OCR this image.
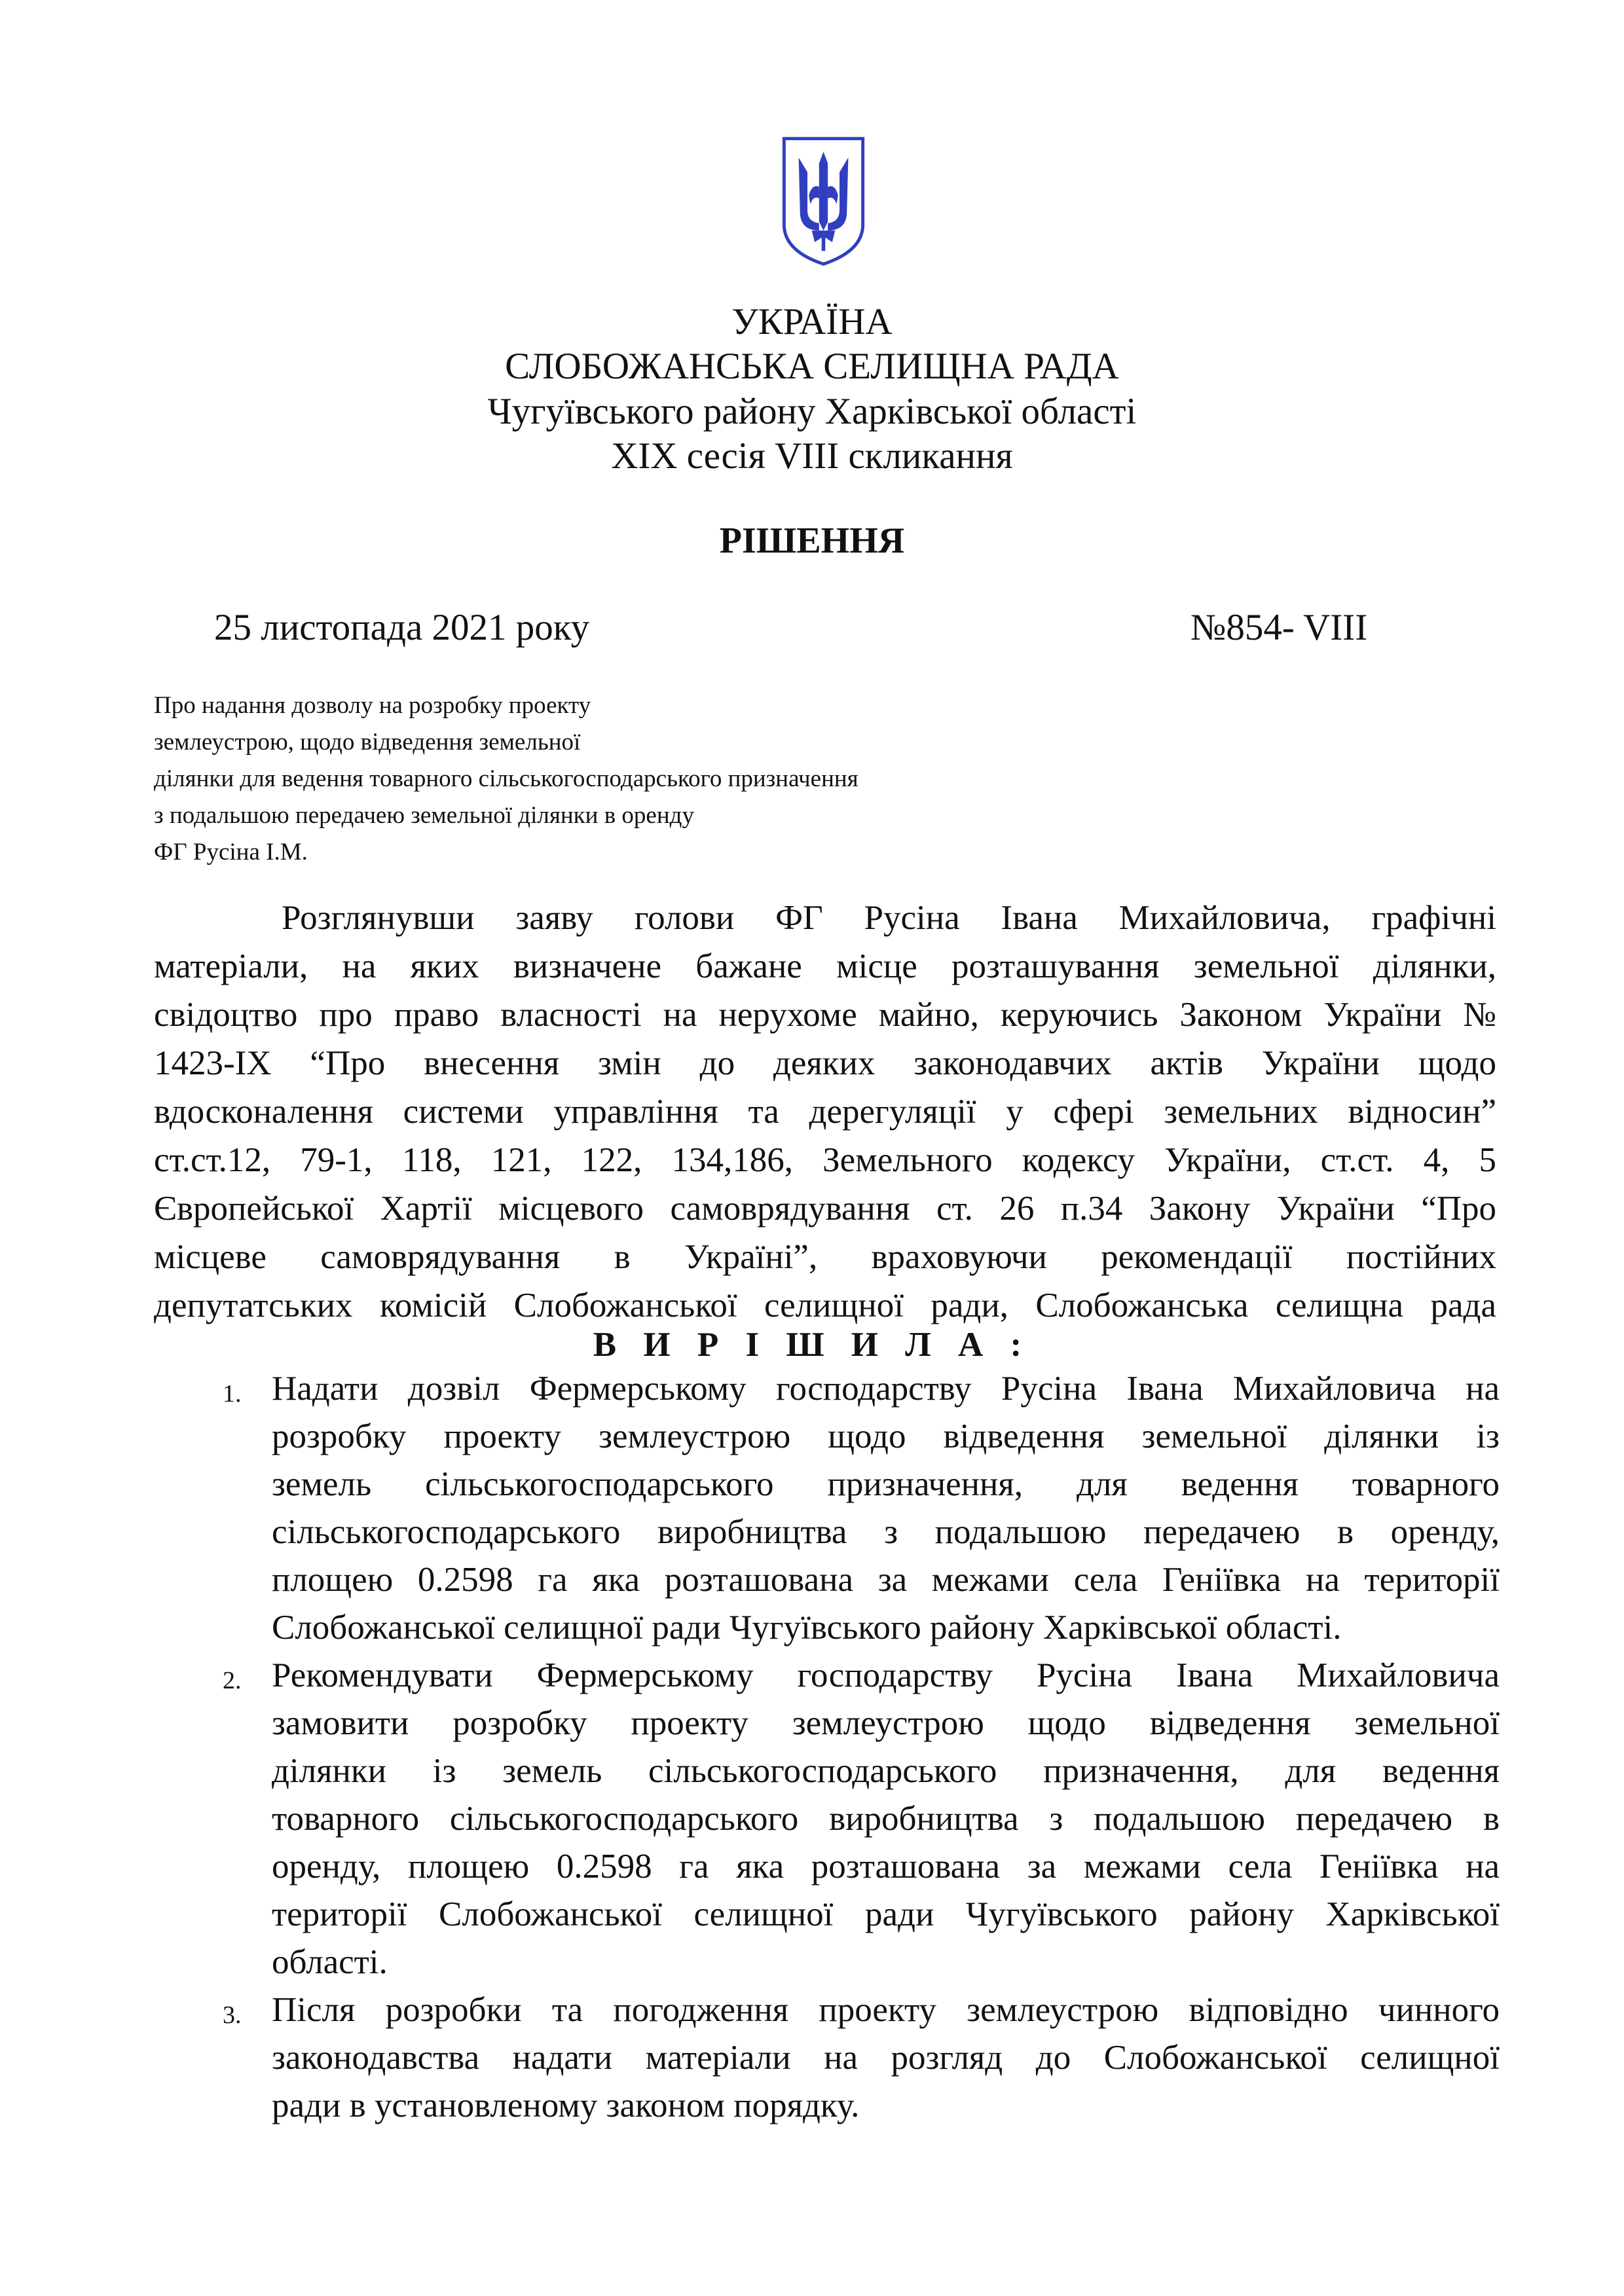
УКРАЇНА
СЛОБОЖАНСЬКА СЕЛИЩНА РАДА
Чугуївського району Харківської області
XIX сесія VIII скликання
РІШЕННЯ
25 листопада 2021 року	№854- VIII
Про надання дозволу на розробку проекту
землеустрою, щодо відведення земельної
ділянки для ведення товарного сільськогосподарського призначення
з подальшою передачею земельної ділянки в оренду
ФГ Русіна І.М.
Розглянувши заяву голови ФГ Русіна Івана Михайловича, графічні
матеріали, на яких визначене бажане місце розташування земельної ділянки,
свідоцтво про право власності на нерухоме майно, керуючись Законом України №
1423-IX “Про внесення змін до деяких законодавчих актів України щодо
вдосконалення системи управління та дерегуляції у сфері земельних відносин”
ст.ст.12, 79-1, 118, 121, 122, 134,186, Земельного кодексу України, ст.ст. 4, 5
Європейської Хартії місцевого самоврядування ст. 26 п.34 Закону України “Про
місцеве самоврядування в Україні”, враховуючи рекомендації постійних
депутатських комісій Слобожанської селищної ради, Слобожанська селищна рада
В И Р І Ш И Л А :
1. Надати дозвіл Фермерському господарству Русіна Івана Михайловича на
розробку проекту землеустрою щодо відведення земельної ділянки із
земель сільськогосподарського призначення, для ведення товарного
сільськогосподарського виробництва з подальшою передачею в оренду,
площею 0.2598 га яка розташована за межами села Геніївка на території
Слобожанської селищної ради Чугуївського району Харківської області.
2. Рекомендувати Фермерському господарству Русіна Івана Михайловича
замовити розробку проекту землеустрою щодо відведення земельної
ділянки із земель сільськогосподарського призначення, для ведення
товарного сільськогосподарського виробництва з подальшою передачею в
оренду, площею 0.2598 га яка розташована за межами села Геніївка на
території Слобожанської селищної ради Чугуївського району Харківської
області.
3. Після розробки та погодження проекту землеустрою відповідно чинного
законодавства надати матеріали на розгляд до Слобожанської селищної
ради в установленому законом порядку.
